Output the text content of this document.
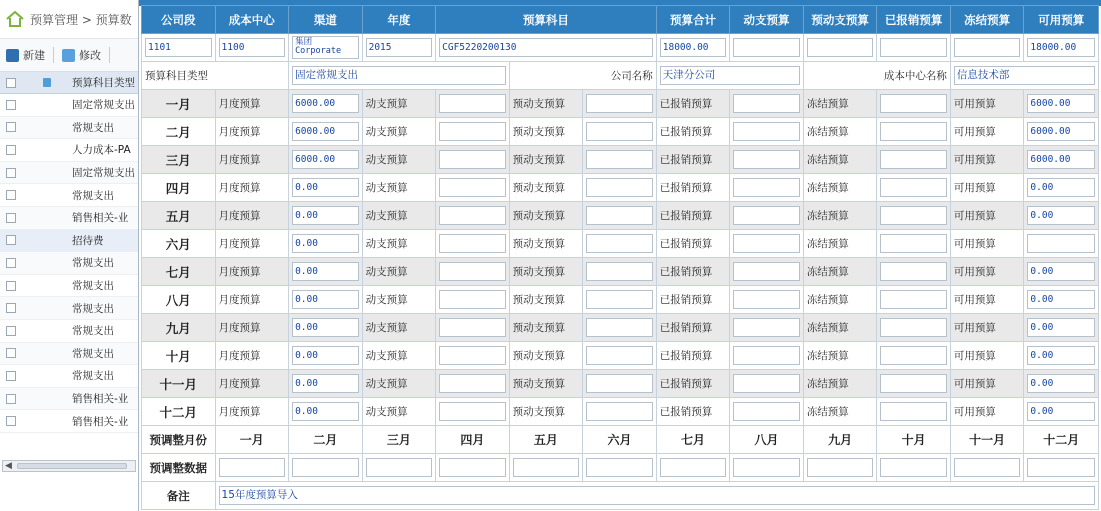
预算管理 > 预算数
新建	修改
预算科目类型
固定常规支出
常规支出
人力成本-PA
固定常规支出
常规支出
销售相关-业
招待费
常规支出
常规支出
常规支出
常规支出
常规支出
常规支出
销售相关-业
销售相关-业
◀
公司段	成本中心	渠道	年度	预算科目			预算合计	动支预算	预动支预算	已报销预算	冻结预算	可用预算

1101	1100	集团Corporate	2015	CGF5220200130			18000.00					18000.00

预算科目类型		固定常规支出			公司名称		天津分公司		成本中心名称		信息技术部	

一月	月度预算	6000.00	动支预算		预动支预算		已报销预算		冻结预算		可用预算	6000.00

二月	月度预算	6000.00	动支预算		预动支预算		已报销预算		冻结预算		可用预算	6000.00

三月	月度预算	6000.00	动支预算		预动支预算		已报销预算		冻结预算		可用预算	6000.00

四月	月度预算	0.00	动支预算		预动支预算		已报销预算		冻结预算		可用预算	0.00

五月	月度预算	0.00	动支预算		预动支预算		已报销预算		冻结预算		可用预算	0.00

六月	月度预算	0.00	动支预算		预动支预算		已报销预算		冻结预算		可用预算	

七月	月度预算	0.00	动支预算		预动支预算		已报销预算		冻结预算		可用预算	0.00

八月	月度预算	0.00	动支预算		预动支预算		已报销预算		冻结预算		可用预算	0.00

九月	月度预算	0.00	动支预算		预动支预算		已报销预算		冻结预算		可用预算	0.00

十月	月度预算	0.00	动支预算		预动支预算		已报销预算		冻结预算		可用预算	0.00

十一月	月度预算	0.00	动支预算		预动支预算		已报销预算		冻结预算		可用预算	0.00

十二月	月度预算	0.00	动支预算		预动支预算		已报销预算		冻结预算		可用预算	0.00

预调整月份	一月	二月	三月	四月	五月	六月	七月	八月	九月	十月	十一月	十二月
预调整数据	

备注	15年度预算导入											
